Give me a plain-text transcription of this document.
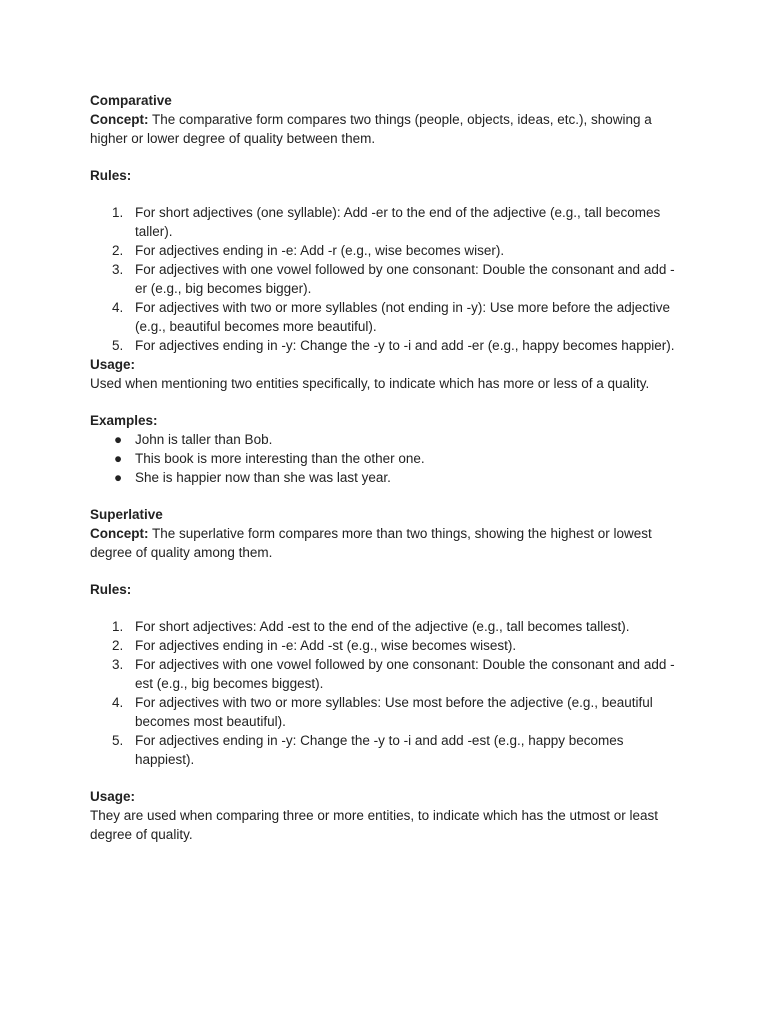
Comparative

Concept: The comparative form compares two things (people, objects, ideas, etc.), showing a higher or lower degree of quality between them.

Rules:

1. For short adjectives (one syllable): Add -er to the end of the adjective (e.g., tall becomes taller).
2. For adjectives ending in -e: Add -r (e.g., wise becomes wiser).
3. For adjectives with one vowel followed by one consonant: Double the consonant and add -er (e.g., big becomes bigger).
4. For adjectives with two or more syllables (not ending in -y): Use more before the adjective (e.g., beautiful becomes more beautiful).
5. For adjectives ending in -y: Change the -y to -i and add -er (e.g., happy becomes happier).

Usage:

Used when mentioning two entities specifically, to indicate which has more or less of a quality.

Examples:

● John is taller than Bob.
● This book is more interesting than the other one.
● She is happier now than she was last year.

Superlative

Concept: The superlative form compares more than two things, showing the highest or lowest degree of quality among them.

Rules:

1. For short adjectives: Add -est to the end of the adjective (e.g., tall becomes tallest).
2. For adjectives ending in -e: Add -st (e.g., wise becomes wisest).
3. For adjectives with one vowel followed by one consonant: Double the consonant and add -est (e.g., big becomes biggest).
4. For adjectives with two or more syllables: Use most before the adjective (e.g., beautiful becomes most beautiful).
5. For adjectives ending in -y: Change the -y to -i and add -est (e.g., happy becomes happiest).

Usage:

They are used when comparing three or more entities, to indicate which has the utmost or least degree of quality.
